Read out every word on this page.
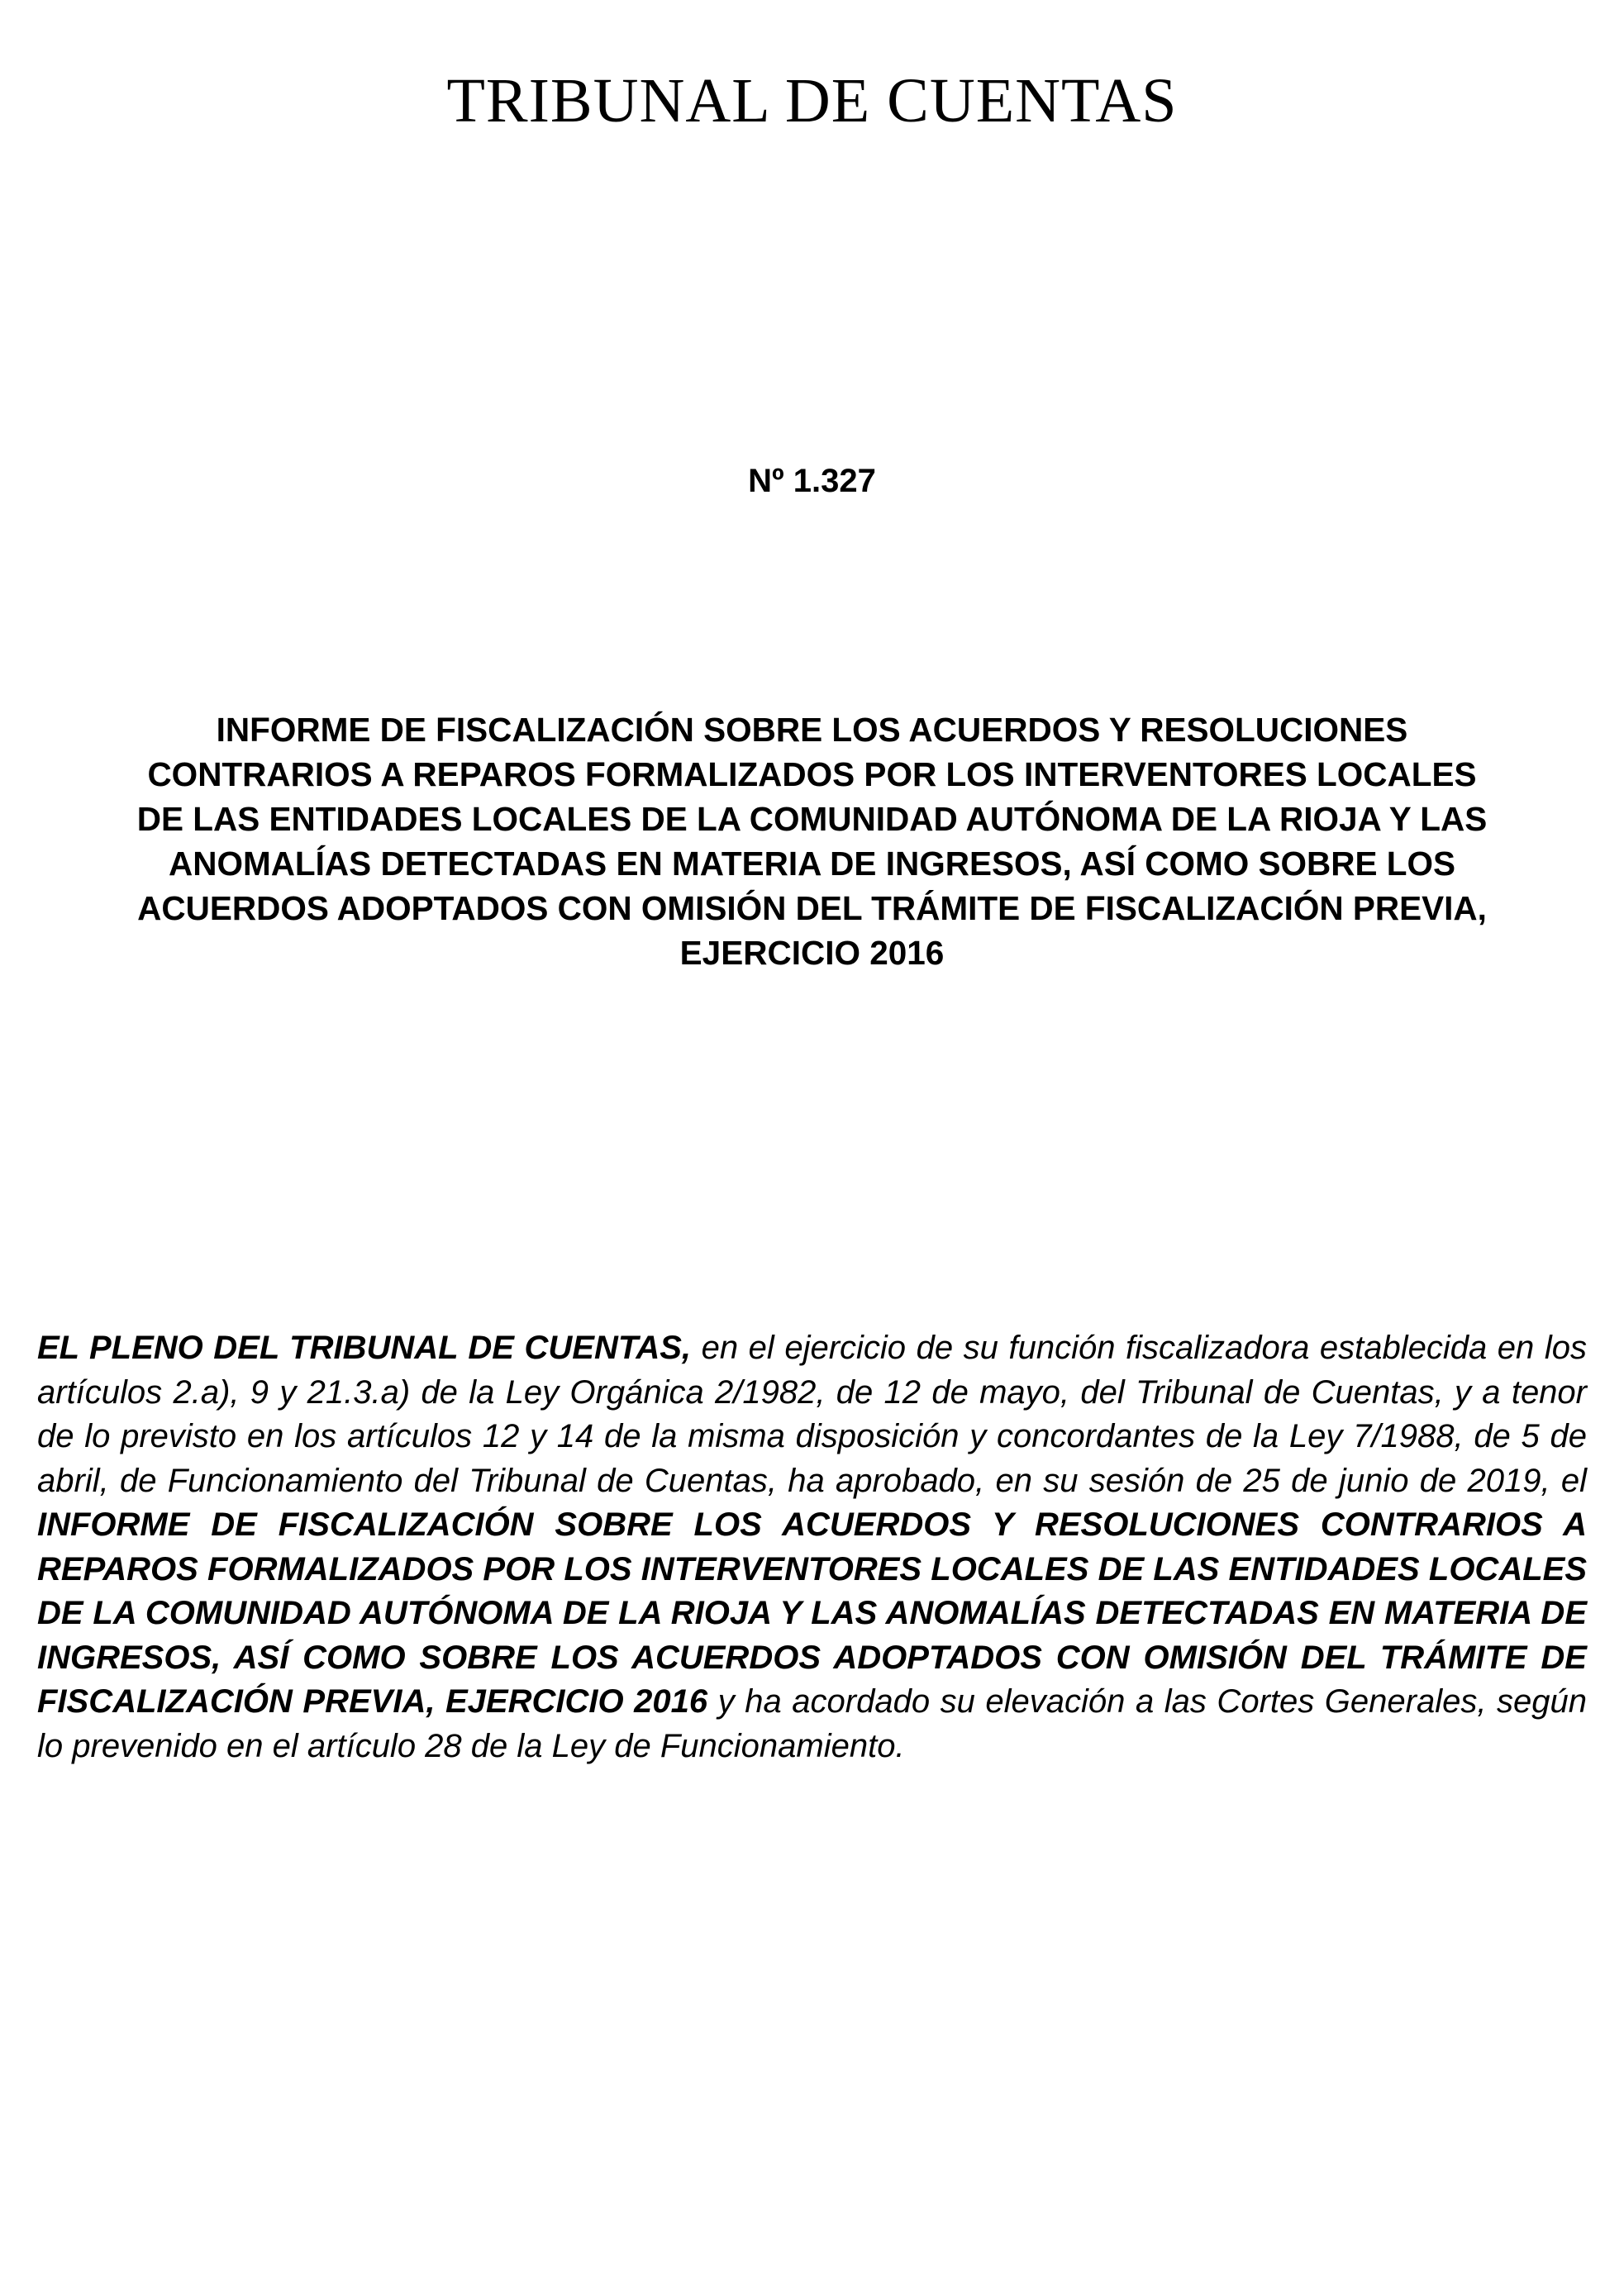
TRIBUNAL DE CUENTAS

Nº 1.327

INFORME DE FISCALIZACIÓN SOBRE LOS ACUERDOS Y RESOLUCIONES
CONTRARIOS A REPAROS FORMALIZADOS POR LOS INTERVENTORES LOCALES
DE LAS ENTIDADES LOCALES DE LA COMUNIDAD AUTÓNOMA DE LA RIOJA Y LAS
ANOMALÍAS DETECTADAS EN MATERIA DE INGRESOS, ASÍ COMO SOBRE LOS
ACUERDOS ADOPTADOS CON OMISIÓN DEL TRÁMITE DE FISCALIZACIÓN PREVIA,
EJERCICIO 2016

EL PLENO DEL TRIBUNAL DE CUENTAS, en el ejercicio de su función fiscalizadora establecida en los artículos 2.a), 9 y 21.3.a) de la Ley Orgánica 2/1982, de 12 de mayo, del Tribunal de Cuentas, y a tenor de lo previsto en los artículos 12 y 14 de la misma disposición y concordantes de la Ley 7/1988, de 5 de abril, de Funcionamiento del Tribunal de Cuentas, ha aprobado, en su sesión de 25 de junio de 2019, el INFORME DE FISCALIZACIÓN SOBRE LOS ACUERDOS Y RESOLUCIONES CONTRARIOS A REPAROS FORMALIZADOS POR LOS INTERVENTORES LOCALES DE LAS ENTIDADES LOCALES DE LA COMUNIDAD AUTÓNOMA DE LA RIOJA Y LAS ANOMALÍAS DETECTADAS EN MATERIA DE INGRESOS, ASÍ COMO SOBRE LOS ACUERDOS ADOPTADOS CON OMISIÓN DEL TRÁMITE DE FISCALIZACIÓN PREVIA, EJERCICIO 2016 y ha acordado su elevación a las Cortes Generales, según lo prevenido en el artículo 28 de la Ley de Funcionamiento.
